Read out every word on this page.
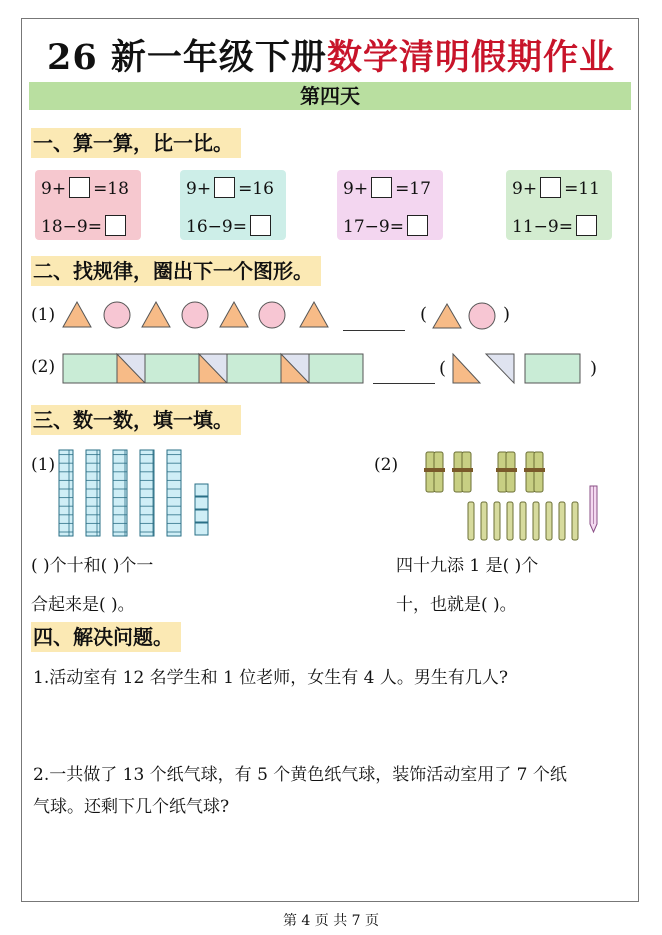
26 新一年级下册数学清明假期作业
第四天
一、算一算，比一比。
9+ =18
18−9=
9+ =16
16−9=
9+ =17
17−9=
9+ =11
11−9=
二、找规律，圈出下一个图形。
(1)	(	)
(2)	(	)
三、数一数，填一填。
(1)	(2)
( )个十和( )个一
合起来是( )。
四十九添 1 是( )个
十，也就是( )。
四、解决问题。
1.活动室有 12 名学生和 1 位老师，女生有 4 人。男生有几人?
2.一共做了 13 个纸气球，有 5 个黄色纸气球，装饰活动室用了 7 个纸
气球。还剩下几个纸气球?
第 4 页 共 7 页
